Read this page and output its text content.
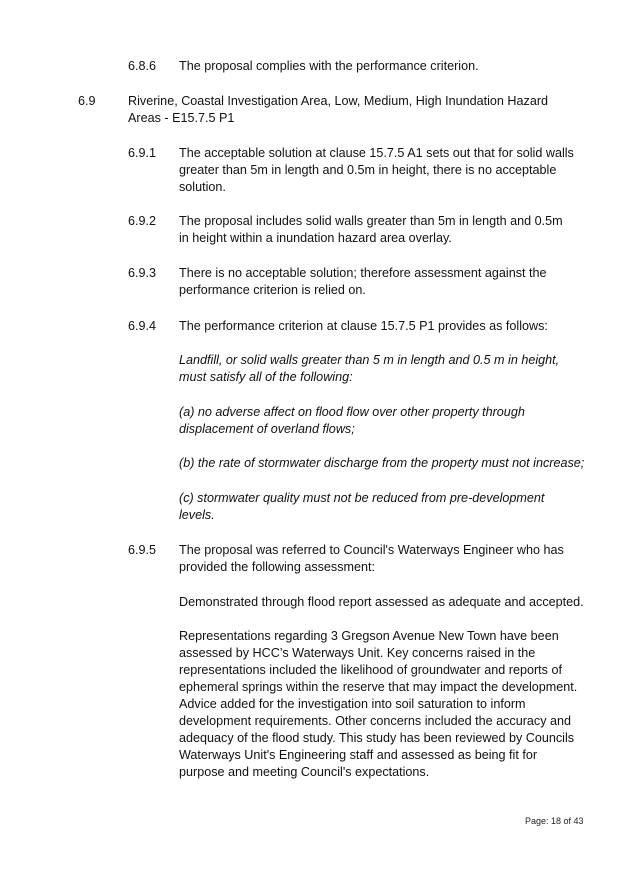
6.8.6 The proposal complies with the performance criterion.
6.9	Riverine, Coastal Investigation Area, Low, Medium, High Inundation Hazard Areas - E15.7.5 P1
6.9.1 The acceptable solution at clause 15.7.5 A1 sets out that for solid walls greater than 5m in length and 0.5m in height, there is no acceptable solution.
6.9.2 The proposal includes solid walls greater than 5m in length and 0.5m in height within a inundation hazard area overlay.
6.9.3 There is no acceptable solution; therefore assessment against the performance criterion is relied on.
6.9.4 The performance criterion at clause 15.7.5 P1 provides as follows:
Landfill, or solid walls greater than 5 m in length and 0.5 m in height, must satisfy all of the following:
(a) no adverse affect on flood flow over other property through displacement of overland flows;
(b) the rate of stormwater discharge from the property must not increase;
(c) stormwater quality must not be reduced from pre-development levels.
6.9.5 The proposal was referred to Council's Waterways Engineer who has provided the following assessment:
Demonstrated through flood report assessed as adequate and accepted.
Representations regarding 3 Gregson Avenue New Town have been assessed by HCC’s Waterways Unit. Key concerns raised in the representations included the likelihood of groundwater and reports of ephemeral springs within the reserve that may impact the development. Advice added for the investigation into soil saturation to inform development requirements. Other concerns included the accuracy and adequacy of the flood study. This study has been reviewed by Councils Waterways Unit's Engineering staff and assessed as being fit for purpose and meeting Council's expectations.
Page: 18 of 43
